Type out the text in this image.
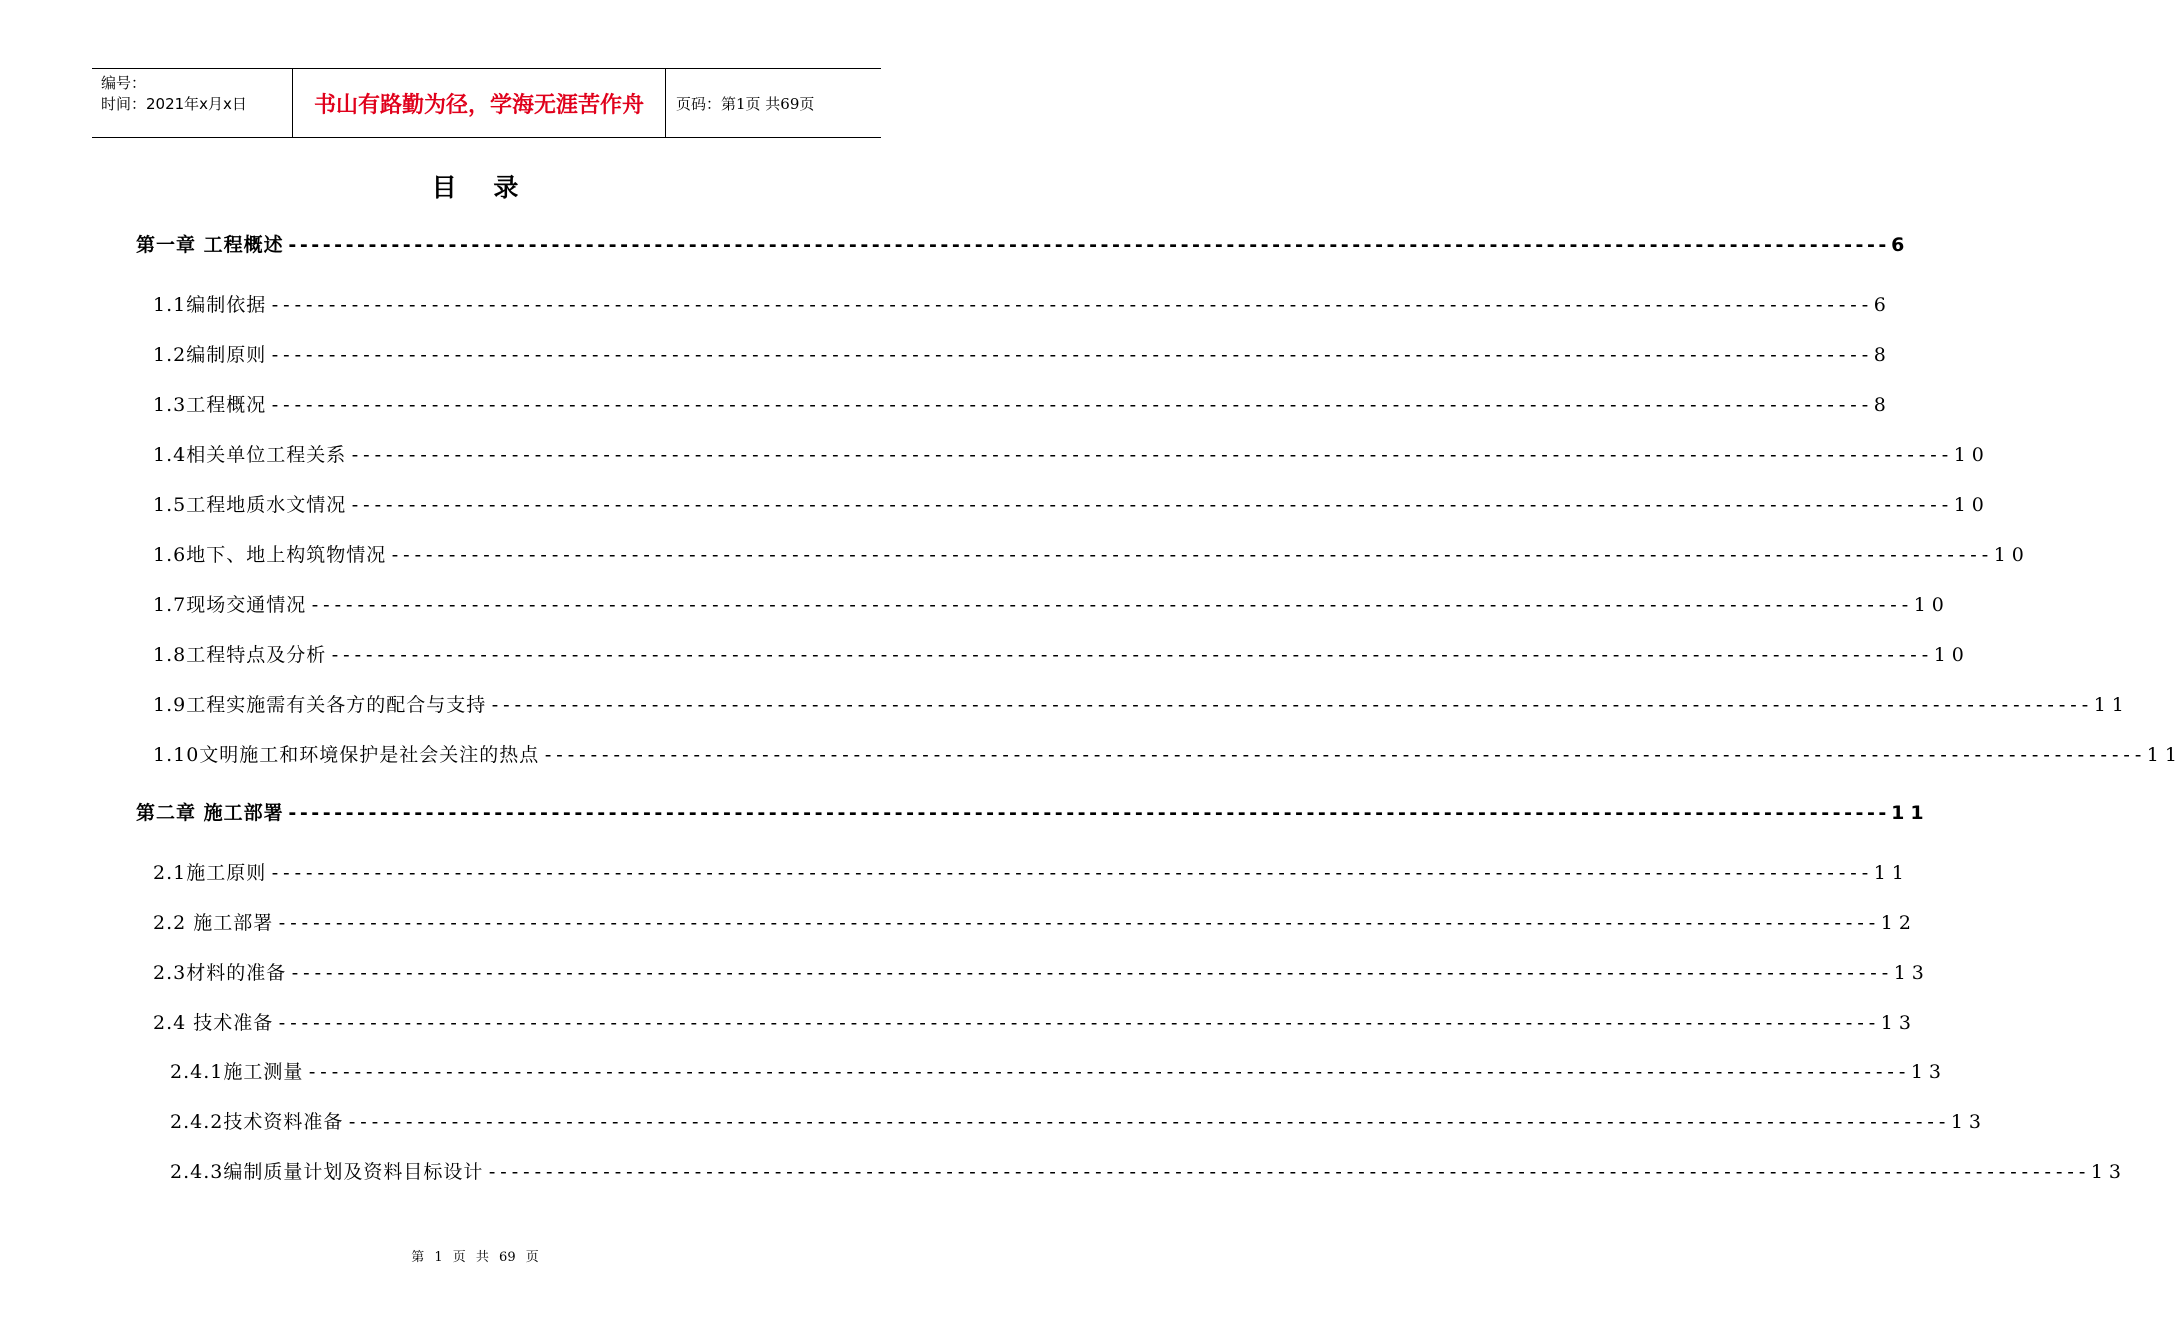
编号：
时间：2021年x月x日	书山有路勤为径，学海无涯苦作舟	页码：第1页 共69页
目 录
第一章 工程概述 -----	6
1.1编制依据 -----	6
1.2编制原则 -----	8
1.3工程概况 -----	8
1.4相关单位工程关系 -----	10
1.5工程地质水文情况 -----	10
1.6地下、地上构筑物情况 -----	10
1.7现场交通情况 -----	10
1.8工程特点及分析 -----	10
1.9工程实施需有关各方的配合与支持 -----	11
1.10文明施工和环境保护是社会关注的热点 -----	11
第二章 施工部署 -----	11
2.1施工原则 -----	11
2.2 施工部署 -----	12
2.3材料的准备 -----	13
2.4 技术准备 -----	13
2.4.1施工测量 -----	13
2.4.2技术资料准备 -----	13
2.4.3编制质量计划及资料目标设计 -----	13
第 1 页 共 69 页
